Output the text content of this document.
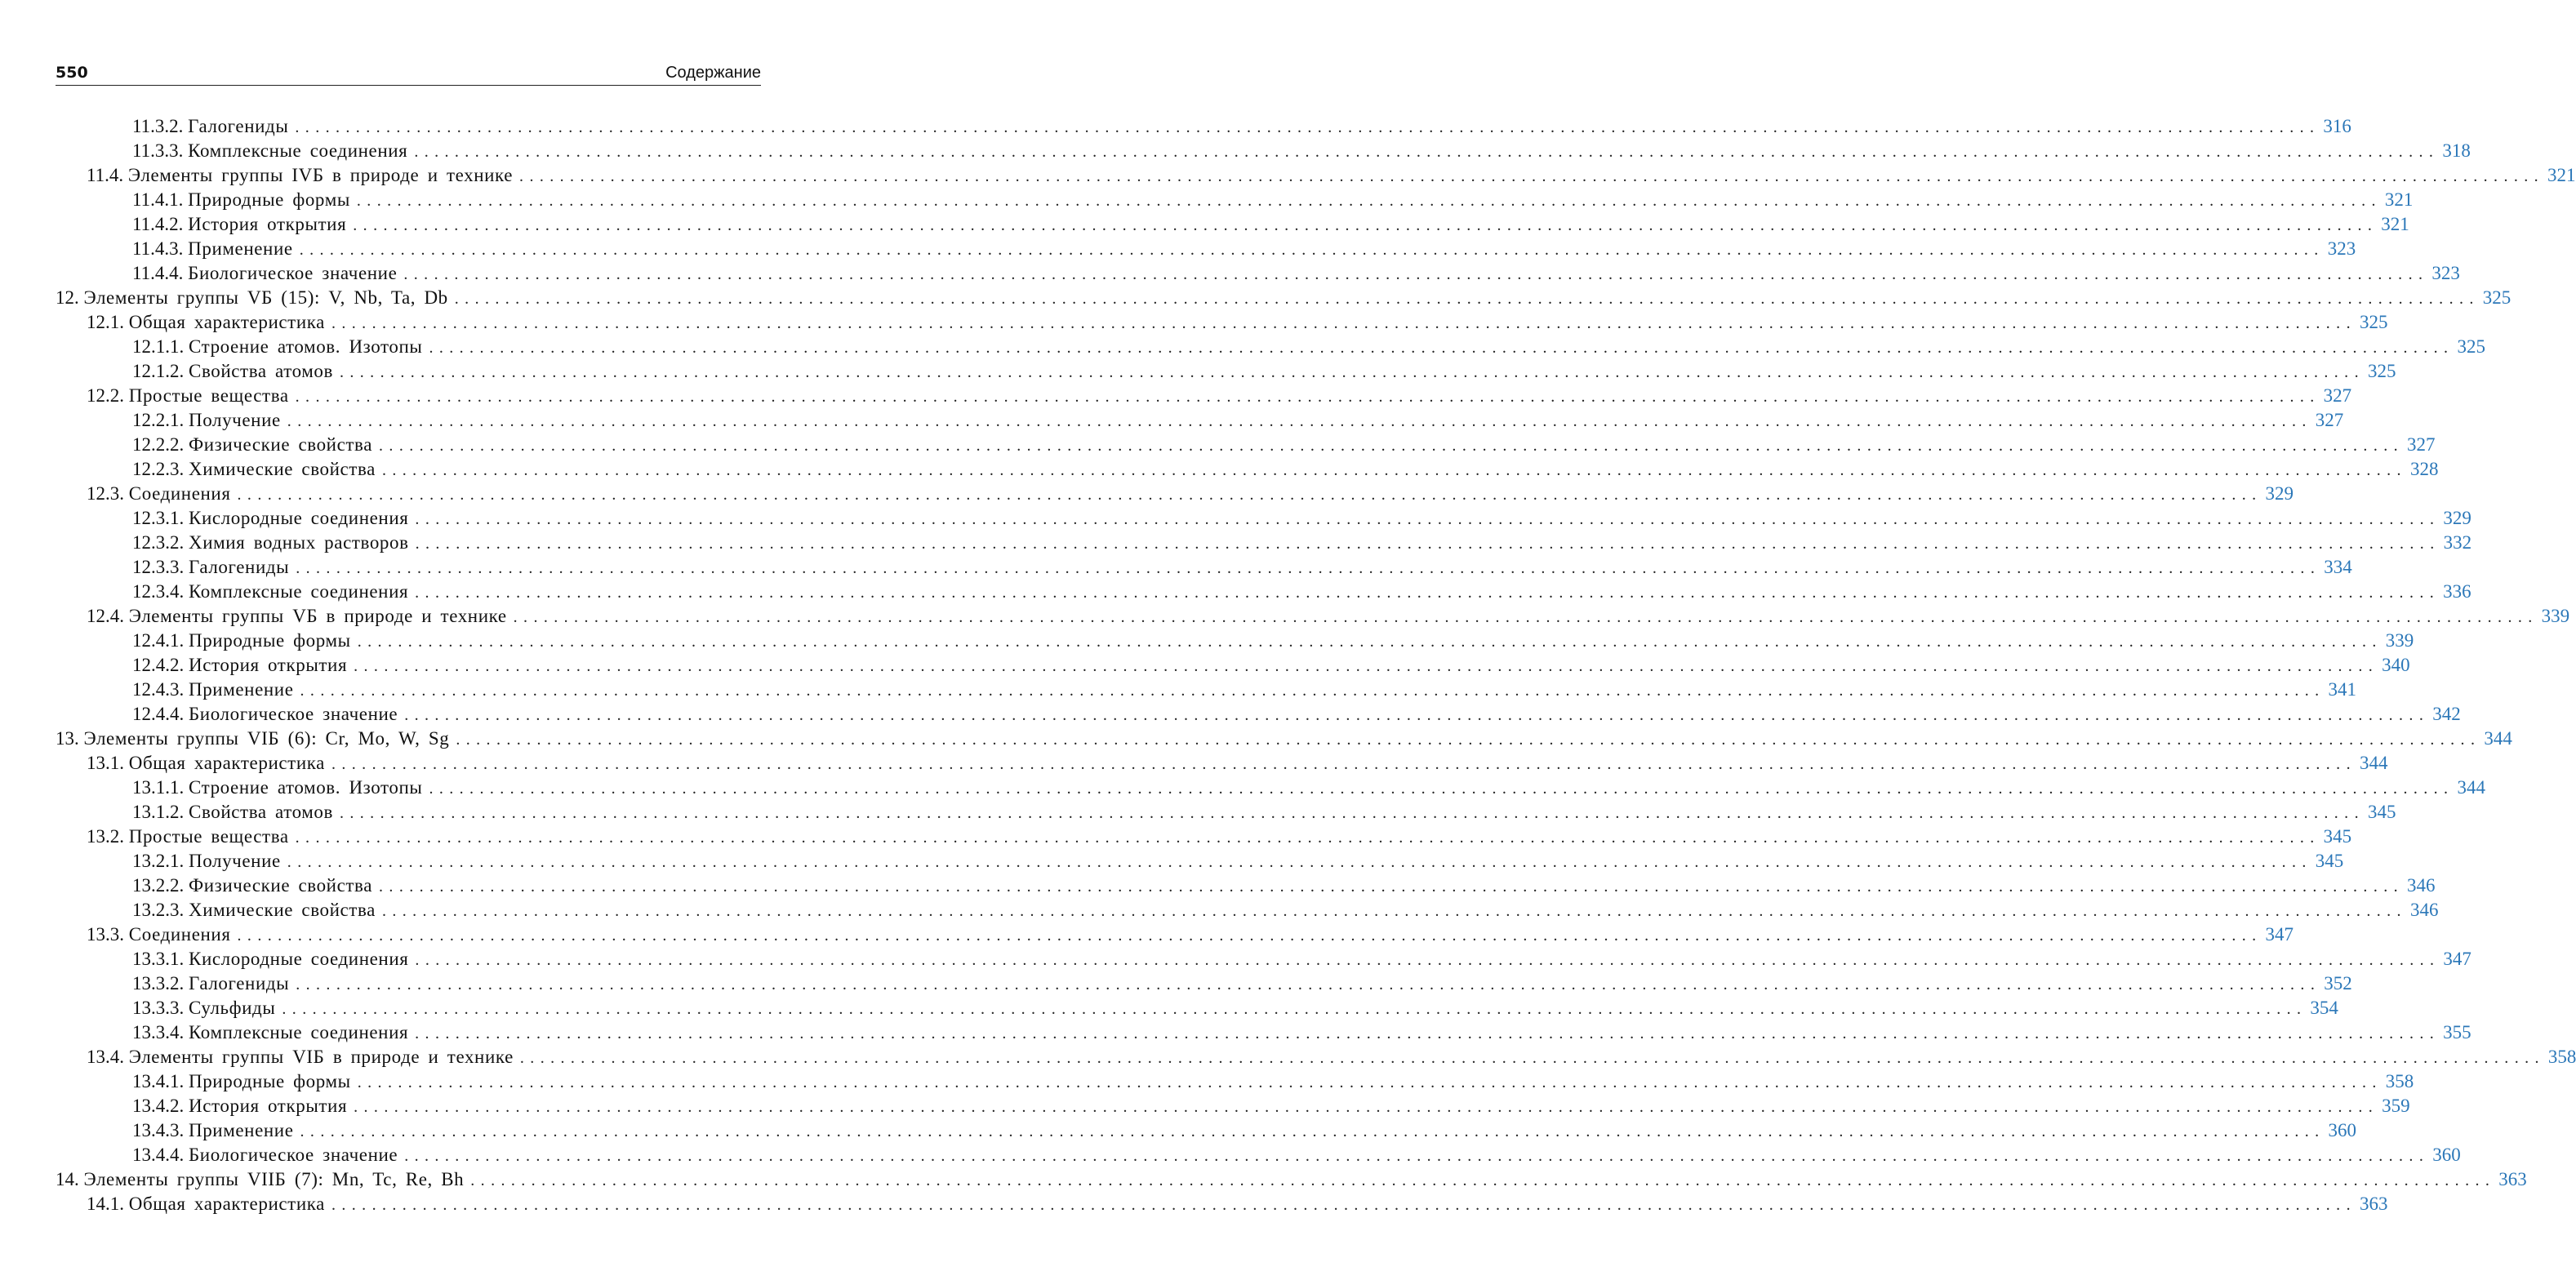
550	Содержание
11.3.2.
Галогениды ........................................................................................................................................................................................................ 316
11.3.3.
Комплексные соединения ........................................................................................................................................................................................................ 318
11.4.
Элементы группы IVБ в природе и технике ........................................................................................................................................................................................................ 321
11.4.1.
Природные формы ........................................................................................................................................................................................................ 321
11.4.2.
История открытия ........................................................................................................................................................................................................ 321
11.4.3.
Применение ........................................................................................................................................................................................................ 323
11.4.4.
Биологическое значение ........................................................................................................................................................................................................ 323
12.
Элементы группы VБ (15): V, Nb, Ta, Db ........................................................................................................................................................................................................ 325
12.1.
Общая характеристика ........................................................................................................................................................................................................ 325
12.1.1.
Строение атомов. Изотопы ........................................................................................................................................................................................................ 325
12.1.2.
Свойства атомов ........................................................................................................................................................................................................ 325
12.2.
Простые вещества ........................................................................................................................................................................................................ 327
12.2.1.
Получение ........................................................................................................................................................................................................ 327
12.2.2.
Физические свойства ........................................................................................................................................................................................................ 327
12.2.3.
Химические свойства ........................................................................................................................................................................................................ 328
12.3.
Соединения ........................................................................................................................................................................................................ 329
12.3.1.
Кислородные соединения ........................................................................................................................................................................................................ 329
12.3.2.
Химия водных растворов ........................................................................................................................................................................................................ 332
12.3.3.
Галогениды ........................................................................................................................................................................................................ 334
12.3.4.
Комплексные соединения ........................................................................................................................................................................................................ 336
12.4.
Элементы группы VБ в природе и технике ........................................................................................................................................................................................................ 339
12.4.1.
Природные формы ........................................................................................................................................................................................................ 339
12.4.2.
История открытия ........................................................................................................................................................................................................ 340
12.4.3.
Применение ........................................................................................................................................................................................................ 341
12.4.4.
Биологическое значение ........................................................................................................................................................................................................ 342
13.
Элементы группы VIБ (6): Cr, Mo, W, Sg ........................................................................................................................................................................................................ 344
13.1.
Общая характеристика ........................................................................................................................................................................................................ 344
13.1.1.
Строение атомов. Изотопы ........................................................................................................................................................................................................ 344
13.1.2.
Свойства атомов ........................................................................................................................................................................................................ 345
13.2.
Простые вещества ........................................................................................................................................................................................................ 345
13.2.1.
Получение ........................................................................................................................................................................................................ 345
13.2.2.
Физические свойства ........................................................................................................................................................................................................ 346
13.2.3.
Химические свойства ........................................................................................................................................................................................................ 346
13.3.
Соединения ........................................................................................................................................................................................................ 347
13.3.1.
Кислородные соединения ........................................................................................................................................................................................................ 347
13.3.2.
Галогениды ........................................................................................................................................................................................................ 352
13.3.3.
Сульфиды ........................................................................................................................................................................................................ 354
13.3.4.
Комплексные соединения ........................................................................................................................................................................................................ 355
13.4.
Элементы группы VIБ в природе и технике ........................................................................................................................................................................................................ 358
13.4.1.
Природные формы ........................................................................................................................................................................................................ 358
13.4.2.
История открытия ........................................................................................................................................................................................................ 359
13.4.3.
Применение ........................................................................................................................................................................................................ 360
13.4.4.
Биологическое значение ........................................................................................................................................................................................................ 360
14.
Элементы группы VIIБ (7): Mn, Tc, Re, Bh ........................................................................................................................................................................................................ 363
14.1.
Общая характеристика ........................................................................................................................................................................................................ 363
